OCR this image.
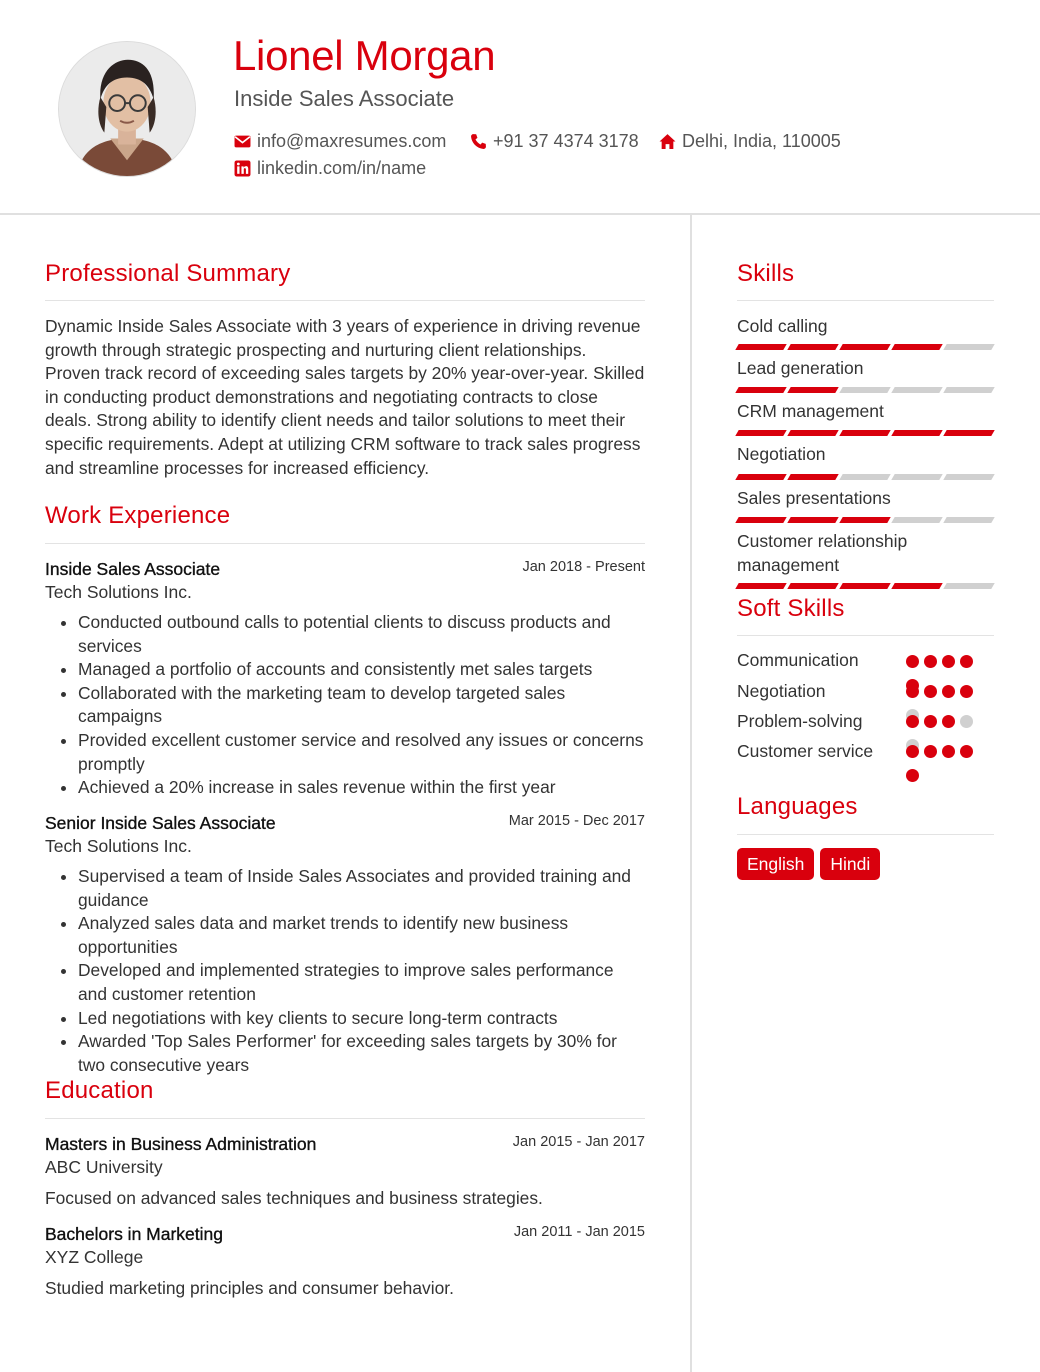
Lionel Morgan
Inside Sales Associate
info@maxresumes.com	+91 37 4374 3178 Delhi, India, 110005
linkedin.com/in/name
Professional Summary
Dynamic Inside Sales Associate with 3 years of experience in driving revenue growth through strategic prospecting and nurturing client relationships. Proven track record of exceeding sales targets by 20% year-over-year. Skilled in conducting product demonstrations and negotiating contracts to close deals. Strong ability to identify client needs and tailor solutions to meet their specific requirements. Adept at utilizing CRM software to track sales progress and streamline processes for increased efficiency.
Work Experience
Inside Sales Associate	Jan 2018 - Present
Tech Solutions Inc.
• Conducted outbound calls to potential clients to discuss products and services
• Managed a portfolio of accounts and consistently met sales targets
• Collaborated with the marketing team to develop targeted sales campaigns
• Provided excellent customer service and resolved any issues or concerns promptly
• Achieved a 20% increase in sales revenue within the first year
Senior Inside Sales Associate	Mar 2015 - Dec 2017
Tech Solutions Inc.
• Supervised a team of Inside Sales Associates and provided training and guidance
• Analyzed sales data and market trends to identify new business opportunities
• Developed and implemented strategies to improve sales performance and customer retention
• Led negotiations with key clients to secure long-term contracts
• Awarded 'Top Sales Performer' for exceeding sales targets by 30% for two consecutive years
Education
Masters in Business Administration	Jan 2015 - Jan 2017
ABC University
Focused on advanced sales techniques and business strategies.
Bachelors in Marketing	Jan 2011 - Jan 2015
XYZ College
Studied marketing principles and consumer behavior.
Skills
Cold calling
Lead generation
CRM management
Negotiation
Sales presentations
Customer relationship management
Soft Skills
Communication
Negotiation
Problem-solving
Customer service
Languages
English	Hindi
